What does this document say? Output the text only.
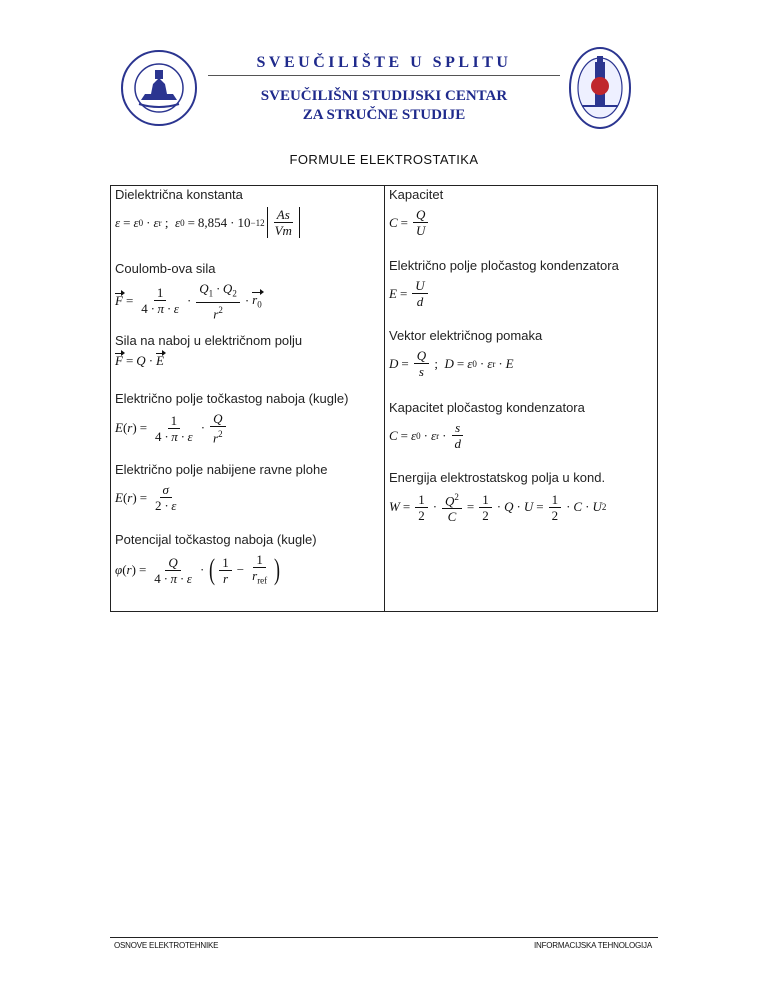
SVEUČILIŠTE U SPLITU
SVEUČILIŠNI STUDIJSKI CENTAR
ZA STRUČNE STUDIJE
FORMULE ELEKTROSTATIKA
Dielektrična konstanta
ε = ε 0 · ε r ; ε $0 = 8,854 \cdot 10 -12 \frac{As}{Vm}$
Coulomb-ova sila
$F = \frac{1}{4 \cdot \pi \cdot \varepsilon} \cdot \frac{Q_1 \cdot Q_2}{r^2} \cdot r_0$
Sila na naboj u električnom polju
F = Q · E
Električno polje točkastog naboja (kugle)
E ( r ) = $\frac{1}{4 \cdot \pi \cdot \varepsilon} \cdot \frac{Q}{r^2}$
Električno polje nabijene ravne plohe
E ( r ) = $\frac{\sigma}{2 \cdot \varepsilon}$
Potencijal točkastog naboja (kugle)
φ ( r ) = $\frac{Q}{4 \cdot \pi \cdot \varepsilon}$ · ( $\frac{1}{r} - \frac{1}{r_{ref}}$ )
Kapacitet
$C = \frac{Q}{U}$
Električno polje pločastog kondenzatora
$E = \frac{U}{d}$
Vektor električnog pomaka
$D = \frac{Q}{s}$ ; D = ε 0 · ε r · E
Kapacitet pločastog kondenzatora
C = ε 0 · ε $r \cdot \frac{s}{d}$
Energija elektrostatskog polja u kond.
$W = \frac{1}{2} \cdot \frac{Q^2}{C} = \frac{1}{2} \cdot Q \cdot U = \frac{1}{2} \cdot C \cdot U$ 2
OSNOVE ELEKTROTEHNIKE	INFORMACIJSKA TEHNOLOGIJA
